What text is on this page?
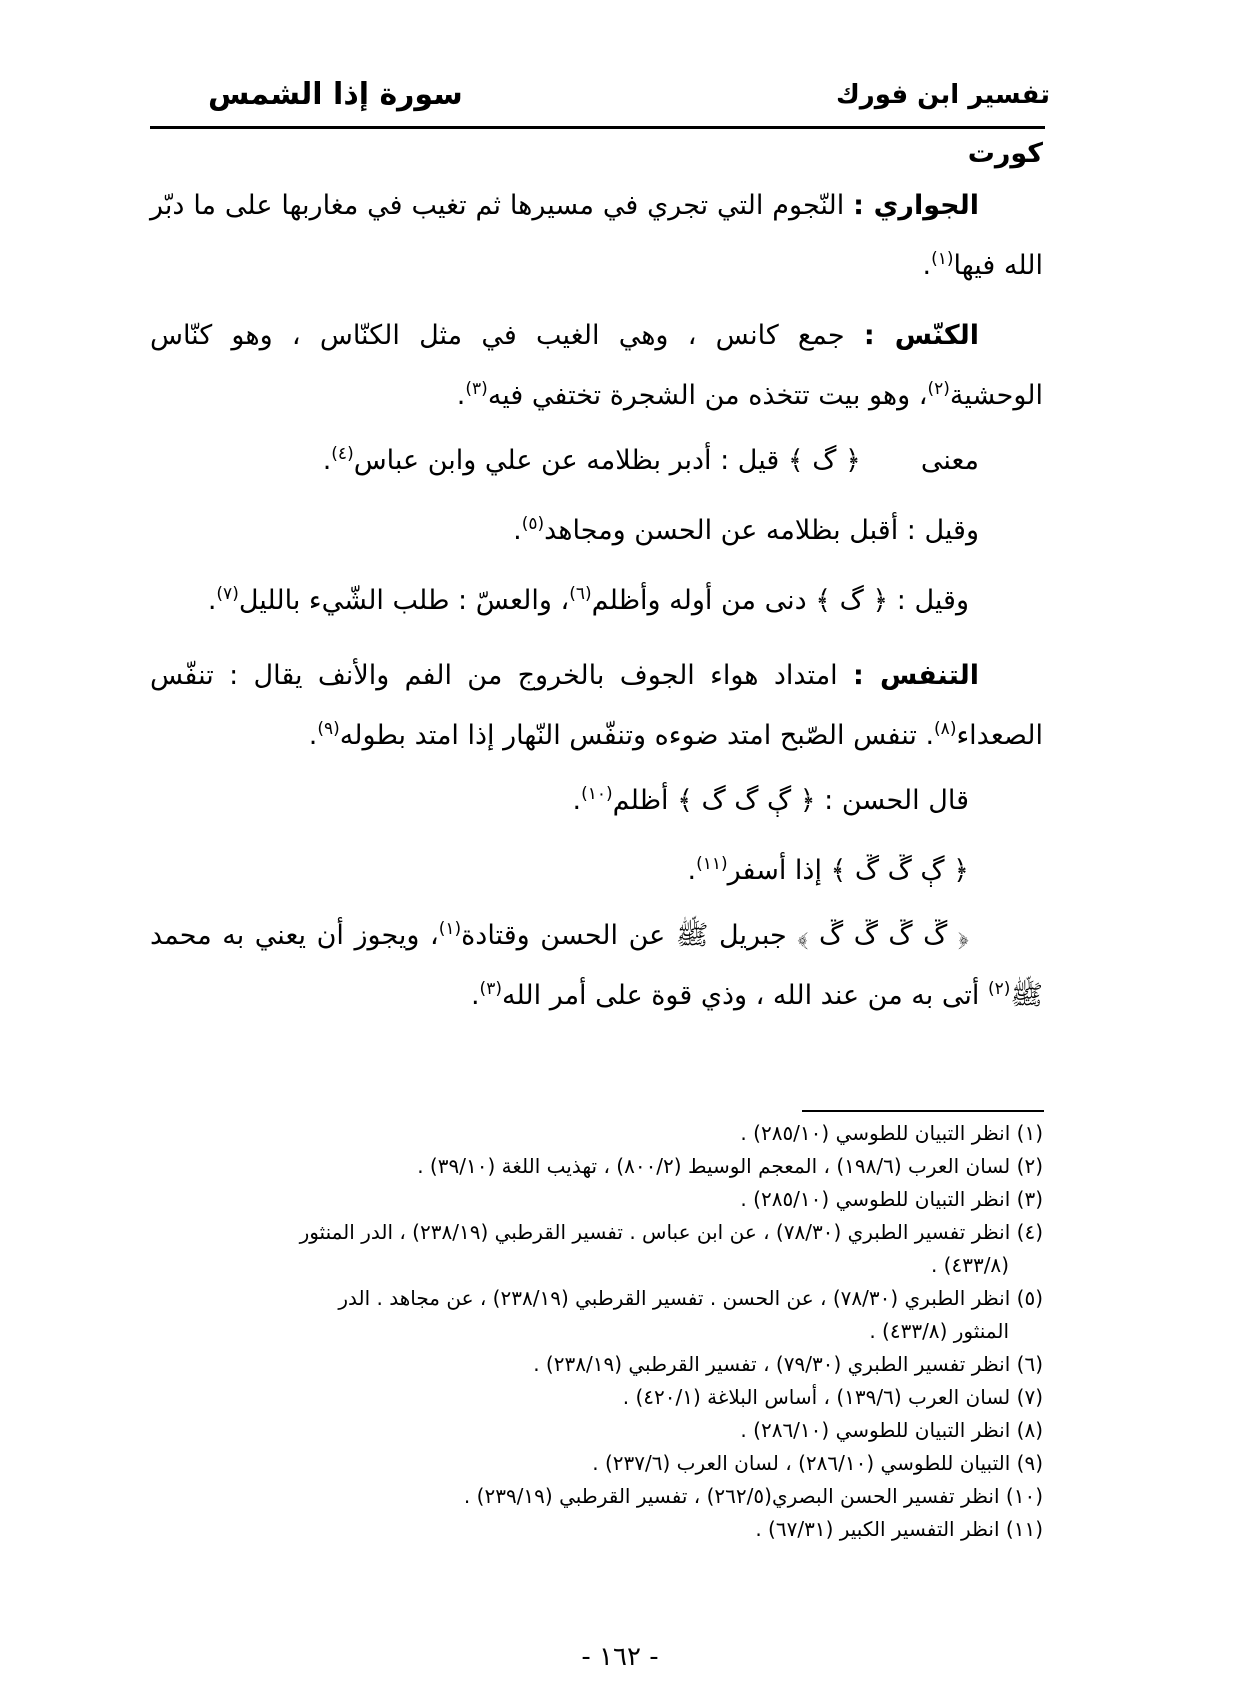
تفسير ابن فورك
سورة إذا الشمس
كورت

الجواري : النّجوم التي تجري في مسيرها ثم تغيب في مغاربها على ما دبّر الله فيها$^{(١)}$.

الكنّس : جمع كانس ، وهي الغيب في مثل الكنّاس ، وهو كنّاس الوحشية$^{(٢)}$، وهو بيت تتخذه من الشجرة تختفي فيه$^{(٣)}$.

معنى﴿ گ ﴾ قيل : أدبر بظلامه عن علي وابن عباس$^{(٤)}$.
وقيل : أقبل بظلامه عن الحسن ومجاهد$^{(٥)}$.
وقيل : ﴿ گ ﴾ دنى من أوله وأظلم$^{(٦)}$، والعسّ : طلب الشّيء بالليل$^{(٧)}$.

التنفس : امتداد هواء الجوف بالخروج من الفم والأنف يقال : تنفّس الصعداء$^{(٨)}$. تنفس الصّبح امتد ضوءه وتنفّس النّهار إذا امتد بطوله$^{(٩)}$.

قال الحسن : ﴿ ڳ گ گ ﴾ أظلم$^{(١٠)}$.
﴿ ڳ ڱ ڱ ﴾ إذا أسفر$^{(١١)}$.

﴿ ڱ ڱ ڱ ڱ ﴾ جبريل ﷺ عن الحسن وقتادة$^{(١)}$، ويجوز أن يعني به محمد ﷺ$^{(٢)}$ أتى به من عند الله ، وذي قوة على أمر الله$^{(٣)}$.

(١) انظر التبيان للطوسي (٢٨٥/١٠) .

(٢) لسان العرب (١٩٨/٦) ، المعجم الوسيط (٨٠٠/٢) ، تهذيب اللغة (٣٩/١٠) .

(٣) انظر التبيان للطوسي (٢٨٥/١٠) .

(٤) انظر تفسير الطبري (٧٨/٣٠) ، عن ابن عباس . تفسير القرطبي (٢٣٨/١٩) ، الدر المنثور
(٤٣٣/٨) .

(٥) انظر الطبري (٧٨/٣٠) ، عن الحسن . تفسير القرطبي (٢٣٨/١٩) ، عن مجاهد . الدر
المنثور (٤٣٣/٨) .

(٦) انظر تفسير الطبري (٧٩/٣٠) ، تفسير القرطبي (٢٣٨/١٩) .

(٧) لسان العرب (١٣٩/٦) ، أساس البلاغة (٤٢٠/١) .

(٨) انظر التبيان للطوسي (٢٨٦/١٠) .

(٩) التبيان للطوسي (٢٨٦/١٠) ، لسان العرب (٢٣٧/٦) .

(١٠) انظر تفسير الحسن البصري(٢٦٢/٥) ، تفسير القرطبي (٢٣٩/١٩) .

(١١) انظر التفسير الكبير (٦٧/٣١) .

- ١٦٢ -
